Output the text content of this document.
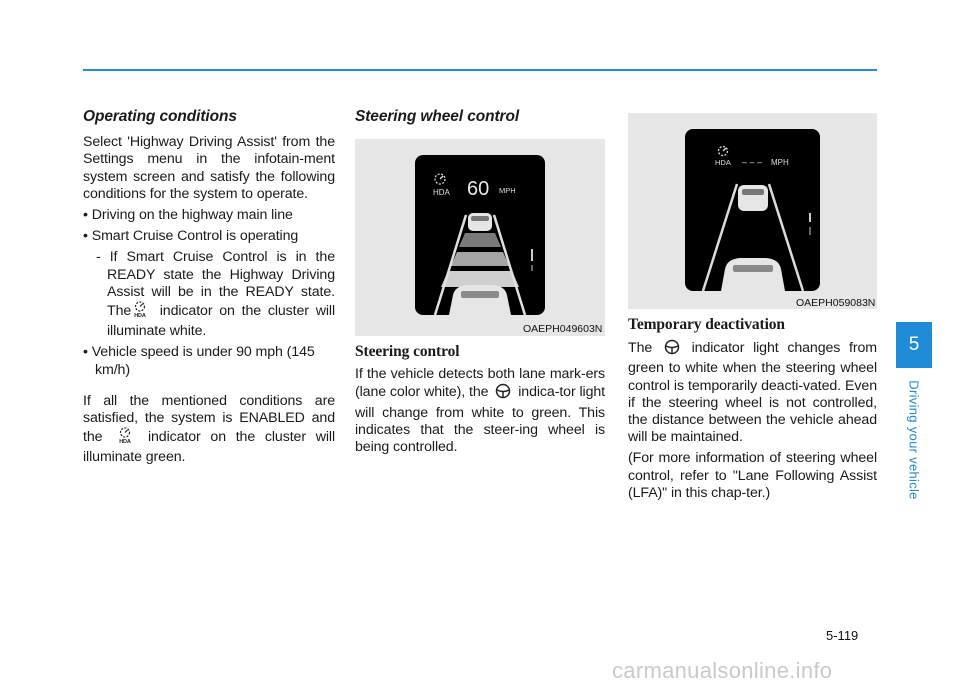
Operating conditions

Select 'Highway Driving Assist' from the Settings menu in the infotain-ment system screen and satisfy the following conditions for the system to operate.

• Driving on the highway main line
• Smart Cruise Control is operating
- If Smart Cruise Control is in the READY state the Highway Driving Assist will be in the READY state. The HDA indicator on the cluster will illuminate white.
• Vehicle speed is under 90 mph (145 km/h)

If all the mentioned conditions are satisfied, the system is ENABLED and the	HDA indicator on the cluster will illuminate green.

Steering wheel control
HDA 60 MPH
OAEPH049603N
Steering control

If the vehicle detects both lane mark-ers (lane color white), the indica-tor light will change from white to green. This indicates that the steer-ing wheel is being controlled.

HDA – – – MPH
OAEPH059083N
Temporary deactivation

The	indicator light changes from green to white when the steering wheel control is temporarily deacti-vated. Even if the steering wheel is not controlled, the distance between the vehicle ahead will be maintained.

(For more information of steering wheel control, refer to "Lane Following Assist (LFA)" in this chap-ter.)

5
Driving your vehicle
5-119
carmanualsonline.info
